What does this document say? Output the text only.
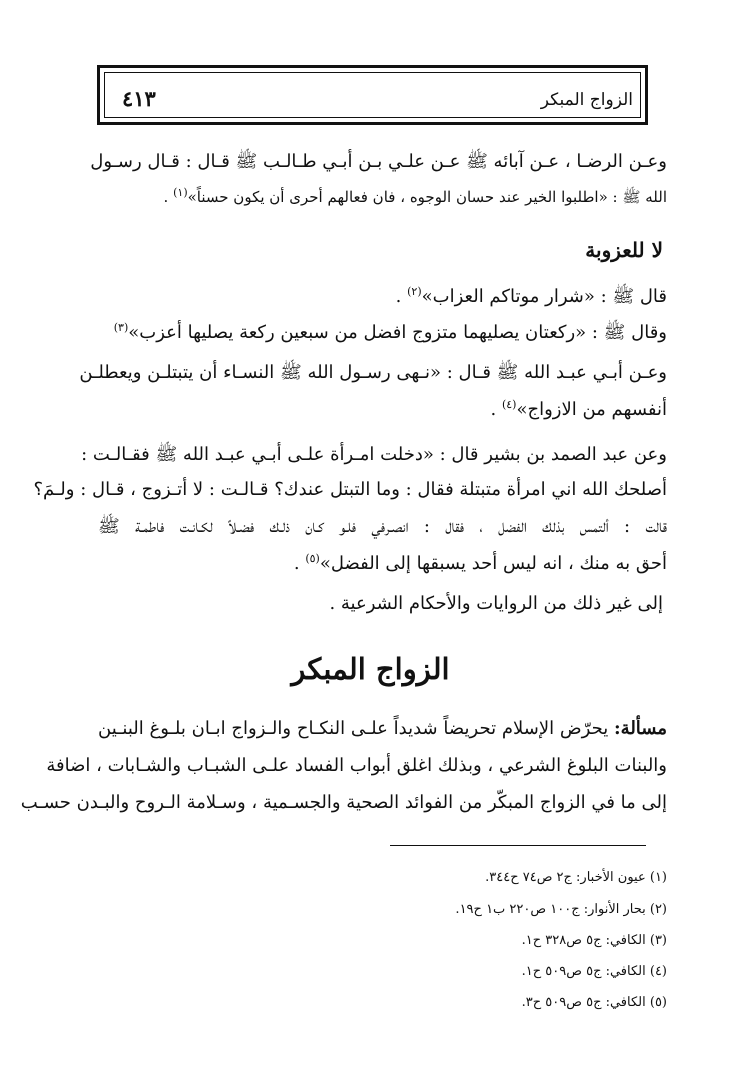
الزواج المبكر
٤١٣
وعـن الرضـا ، عـن آبائه ﷺ عـن علـي بـن أبـي طـالـب ﷺ قـال : قـال رسـول
الله ﷺ : «اطلبوا الخير عند حسان الوجوه ، فان فعالهم أحرى أن يكون حسناً»$^{(١)}$ .
لا للعزوبة
قال ﷺ : «شرار موتاكم العزاب»$^{(٢)}$ .
وقال ﷺ : «ركعتان يصليهما متزوج افضل من سبعين ركعة يصليها أعزب»$^{(٣)}$
وعـن أبـي عبـد الله ﷺ قـال : «نـهى رسـول الله ﷺ النسـاء أن يتبتلـن ويعطلـن
أنفسهم من الازواج»$^{(٤)}$ .
وعن عبد الصمد بن بشير قال : «دخلت امـرأة علـى أبـي عبـد الله ﷺ فقـالـت :
أصلحك الله اني امرأة متبتلة فقال : وما التبتل عندك؟ قـالـت : لا أتـزوج ، قـال : ولـمَ؟
قالت : ألتمس بذلك الفضل ، فقال : انصـرفي فلـو كـان ذلـك فضـلاً لكـانـت فاطمـة ﷺ
أحق به منك ، انه ليس أحد يسبقها إلى الفضل»$^{(٥)}$ .
إلى غير ذلك من الروايات والأحكام الشرعية .
الزواج المبكر
مسألة: يحرّض الإسلام تحريضاً شديداً علـى النكـاح والـزواج ابـان بلـوغ البنـين
والبنات البلوغ الشرعي ، وبذلك اغلق أبواب الفساد علـى الشبـاب والشـابات ، اضافة
إلى ما في الزواج المبكّر من الفوائد الصحية والجسـمية ، وسـلامة الـروح والبـدن حسـب
(١) عيون الأخبار: ج٢ ص٧٤ ح٣٤٤.
(٢) بحار الأنوار: ج١٠٠ ص٢٢٠ ب١ ح١٩.
(٣) الكافي: ج٥ ص٣٢٨ ح١.
(٤) الكافي: ج٥ ص٥٠٩ ح١.
(٥) الكافي: ج٥ ص٥٠٩ ح٣.
